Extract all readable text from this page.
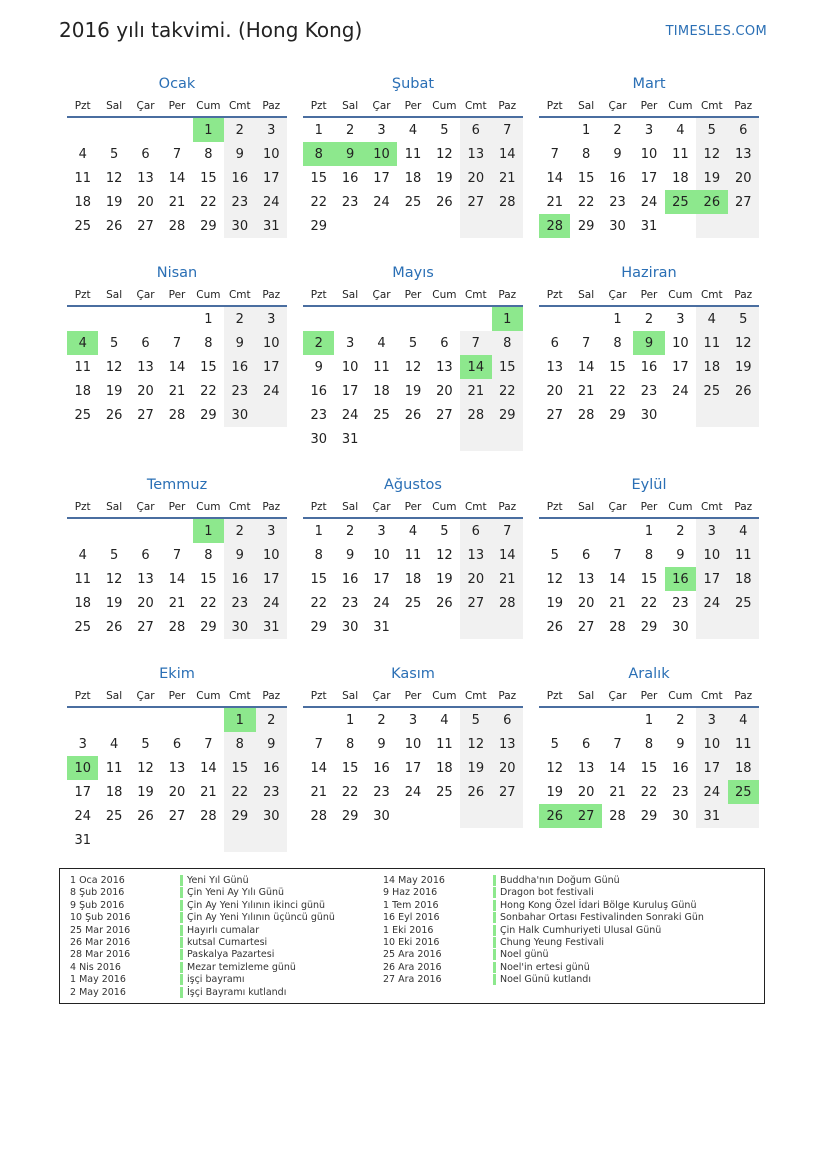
2016 yılı takvimi. (Hong Kong)	TIMESLES.COM
Ocak
Pzt	Sal	Çar	Per	Cum	Cmt	Paz
				1	2	3
4	5	6	7	8	9	10
11	12	13	14	15	16	17
18	19	20	21	22	23	24
25	26	27	28	29	30	31
Şubat
Pzt	Sal	Çar	Per	Cum	Cmt	Paz
1	2	3	4	5	6	7
8	9	10	11	12	13	14
15	16	17	18	19	20	21
22	23	24	25	26	27	28
29						
Mart
Pzt	Sal	Çar	Per	Cum	Cmt	Paz
	1	2	3	4	5	6
7	8	9	10	11	12	13
14	15	16	17	18	19	20
21	22	23	24	25	26	27
28	29	30	31			
Nisan
Pzt	Sal	Çar	Per	Cum	Cmt	Paz
				1	2	3
4	5	6	7	8	9	10
11	12	13	14	15	16	17
18	19	20	21	22	23	24
25	26	27	28	29	30	
Mayıs
Pzt	Sal	Çar	Per	Cum	Cmt	Paz
						1
2	3	4	5	6	7	8
9	10	11	12	13	14	15
16	17	18	19	20	21	22
23	24	25	26	27	28	29
30	31					
Haziran
Pzt	Sal	Çar	Per	Cum	Cmt	Paz
		1	2	3	4	5
6	7	8	9	10	11	12
13	14	15	16	17	18	19
20	21	22	23	24	25	26
27	28	29	30			
Temmuz
Pzt	Sal	Çar	Per	Cum	Cmt	Paz
				1	2	3
4	5	6	7	8	9	10
11	12	13	14	15	16	17
18	19	20	21	22	23	24
25	26	27	28	29	30	31
Ağustos
Pzt	Sal	Çar	Per	Cum	Cmt	Paz
1	2	3	4	5	6	7
8	9	10	11	12	13	14
15	16	17	18	19	20	21
22	23	24	25	26	27	28
29	30	31				
Eylül
Pzt	Sal	Çar	Per	Cum	Cmt	Paz
			1	2	3	4
5	6	7	8	9	10	11
12	13	14	15	16	17	18
19	20	21	22	23	24	25
26	27	28	29	30		
Ekim
Pzt	Sal	Çar	Per	Cum	Cmt	Paz
					1	2
3	4	5	6	7	8	9
10	11	12	13	14	15	16
17	18	19	20	21	22	23
24	25	26	27	28	29	30
31						
Kasım
Pzt	Sal	Çar	Per	Cum	Cmt	Paz
	1	2	3	4	5	6
7	8	9	10	11	12	13
14	15	16	17	18	19	20
21	22	23	24	25	26	27
28	29	30				
Aralık
Pzt	Sal	Çar	Per	Cum	Cmt	Paz
			1	2	3	4
5	6	7	8	9	10	11
12	13	14	15	16	17	18
19	20	21	22	23	24	25
26	27	28	29	30	31	
1 Oca 2016	Yeni Yıl Günü
8 Şub 2016	Çin Yeni Ay Yılı Günü
9 Şub 2016	Çin Ay Yeni Yılının ikinci günü
10 Şub 2016	Çin Ay Yeni Yılının üçüncü günü
25 Mar 2016	Hayırlı cumalar
26 Mar 2016	kutsal Cumartesi
28 Mar 2016	Paskalya Pazartesi
4 Nis 2016	Mezar temizleme günü
1 May 2016	işçi bayramı
2 May 2016	İşçi Bayramı kutlandı
14 May 2016	Buddha'nın Doğum Günü
9 Haz 2016	Dragon bot festivali
1 Tem 2016	Hong Kong Özel İdari Bölge Kuruluş Günü
16 Eyl 2016	Sonbahar Ortası Festivalinden Sonraki Gün
1 Eki 2016	Çin Halk Cumhuriyeti Ulusal Günü
10 Eki 2016	Chung Yeung Festivali
25 Ara 2016	Noel günü
26 Ara 2016	Noel'in ertesi günü
27 Ara 2016	Noel Günü kutlandı
